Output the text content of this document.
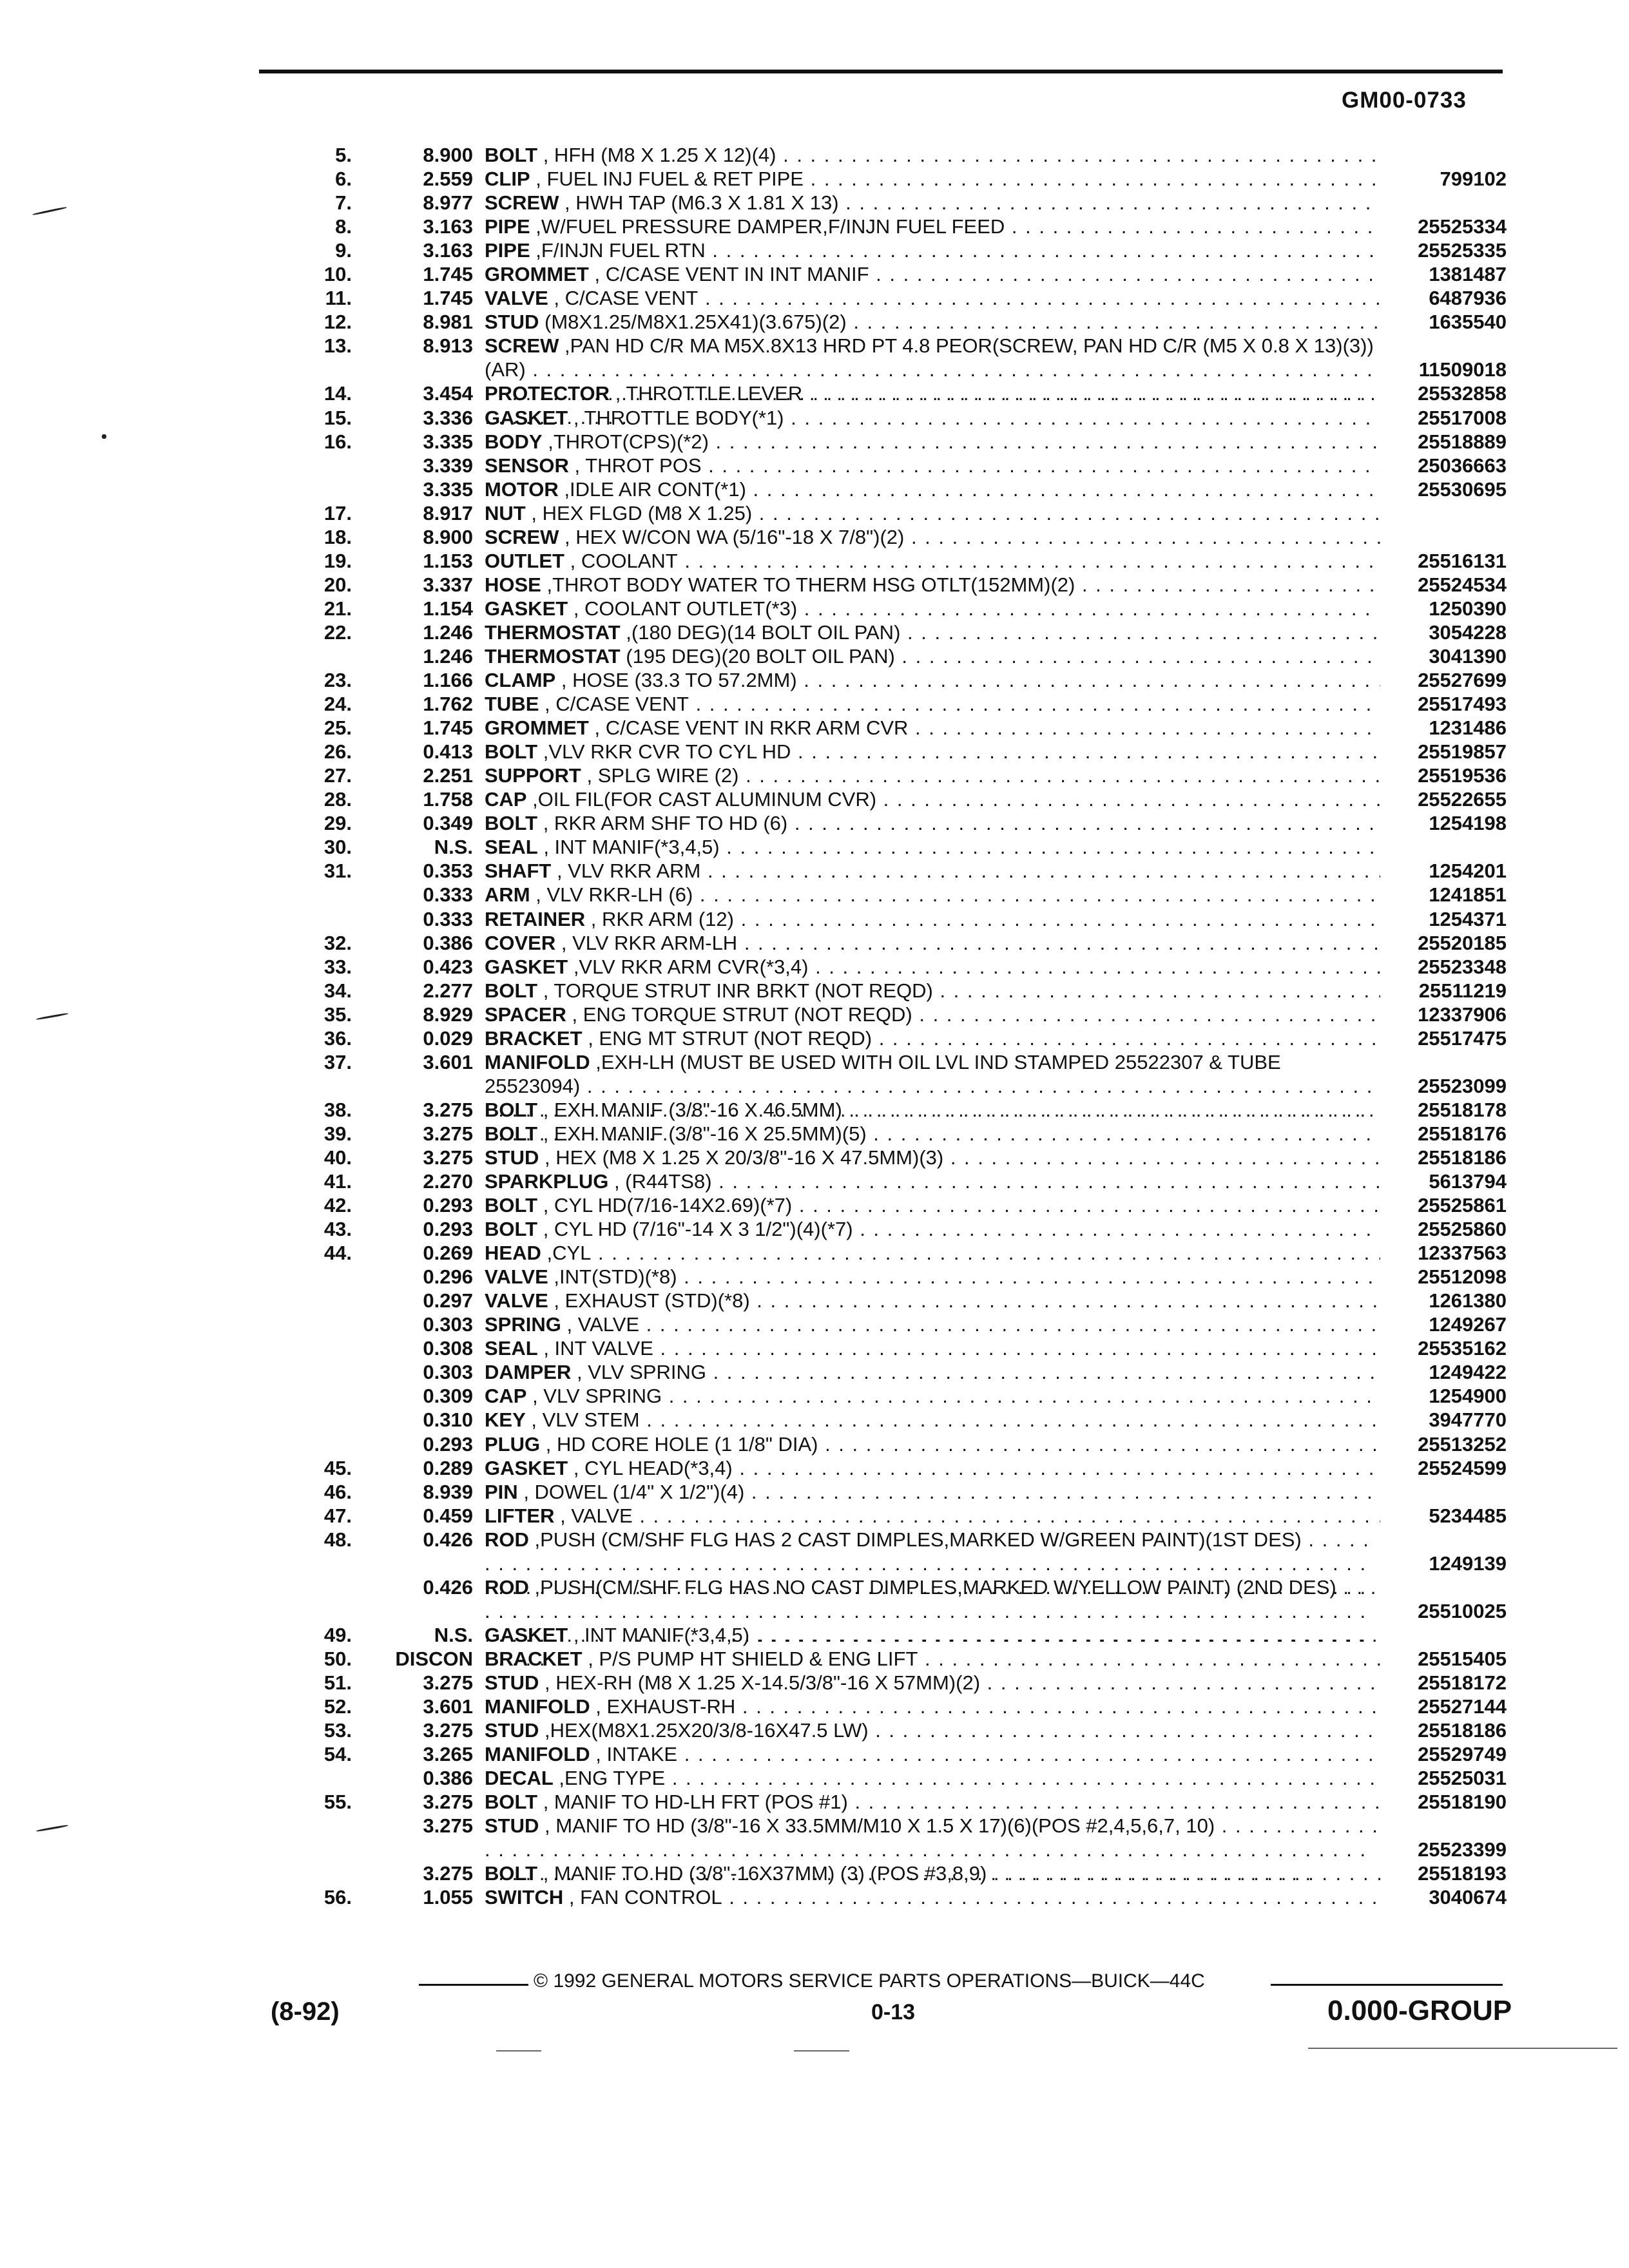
GM00-0733
5.	8.900 BOLT , HFH (M8 X 1.25 X 12)(4) . . .
6.	2.559 CLIP , FUEL INJ FUEL & RET PIPE . . .	799102
7.	8.977 SCREW , HWH TAP (M6.3 X 1.81 X 13) . . .
8.	3.163 PIPE ,W/FUEL PRESSURE DAMPER,F/INJN FUEL FEED . . .	25525334
9.	3.163 PIPE ,F/INJN FUEL RTN . . .	25525335
10.	1.745 GROMMET , C/CASE VENT IN INT MANIF . . .	1381487
11.	1.745 VALVE , C/CASE VENT . . .	6487936
12.	8.981 STUD (M8X1.25/M8X1.25X41)(3.675)(2) . . .	1635540
13.	8.913 SCREW ,PAN HD C/R MA M5X.8X13 HRD PT 4.8 PEOR(SCREW, PAN HD C/R (M5 X 0.8 X 13)(3))(AR) . . .	11509018
14.	3.454 PROTECTOR , THROTTLE LEVER . . .	25532858
15.	3.336 GASKET , THROTTLE BODY(*1) . . .	25517008
16.	3.335 BODY ,THROT(CPS)(*2) . . .	25518889
3.339 SENSOR , THROT POS . . .	25036663
3.335 MOTOR ,IDLE AIR CONT(*1) . . .	25530695
17.	8.917 NUT , HEX FLGD (M8 X 1.25) . . .
18.	8.900 SCREW , HEX W/CON WA (5/16"-18 X 7/8")(2) . . .
19.	1.153 OUTLET , COOLANT . . .	25516131
20.	3.337 HOSE ,THROT BODY WATER TO THERM HSG OTLT(152MM)(2) . . .	25524534
21.	1.154 GASKET , COOLANT OUTLET(*3) . . .	1250390
22.	1.246 THERMOSTAT ,(180 DEG)(14 BOLT OIL PAN) . . .	3054228
1.246 THERMOSTAT (195 DEG)(20 BOLT OIL PAN) . . .	3041390
23.	1.166 CLAMP , HOSE (33.3 TO 57.2MM) . . .	25527699
24.	1.762 TUBE , C/CASE VENT . . .	25517493
25.	1.745 GROMMET , C/CASE VENT IN RKR ARM CVR . . .	1231486
26.	0.413 BOLT ,VLV RKR CVR TO CYL HD . . .	25519857
27.	2.251 SUPPORT , SPLG WIRE (2) . . .	25519536
28.	1.758 CAP ,OIL FIL(FOR CAST ALUMINUM CVR) . . .	25522655
29.	0.349 BOLT , RKR ARM SHF TO HD (6) . . .	1254198
30.	N.S. SEAL , INT MANIF(*3,4,5) . . .
31.	0.353 SHAFT , VLV RKR ARM . . .	1254201
0.333 ARM , VLV RKR-LH (6) . . .	1241851
0.333 RETAINER , RKR ARM (12) . . .	1254371
32.	0.386 COVER , VLV RKR ARM-LH . . .	25520185
33.	0.423 GASKET ,VLV RKR ARM CVR(*3,4) . . .	25523348
34.	2.277 BOLT , TORQUE STRUT INR BRKT (NOT REQD) . . .	25511219
35.	8.929 SPACER , ENG TORQUE STRUT (NOT REQD) . . .	12337906
36.	0.029 BRACKET , ENG MT STRUT (NOT REQD) . . .	25517475
37.	3.601 MANIFOLD ,EXH-LH (MUST BE USED WITH OIL LVL IND STAMPED 25522307 & TUBE 25523094) . . .	25523099
38.	3.275 BOLT , EXH MANIF (3/8"-16 X 46.5MM) . . .	25518178
39.	3.275 BOLT , EXH MANIF (3/8"-16 X 25.5MM)(5) . . .	25518176
40.	3.275 STUD , HEX (M8 X 1.25 X 20/3/8"-16 X 47.5MM)(3) . . .	25518186
41.	2.270 SPARKPLUG , (R44TS8) . . .	5613794
42.	0.293 BOLT , CYL HD(7/16-14X2.69)(*7) . . .	25525861
43.	0.293 BOLT , CYL HD (7/16"-14 X 3 1/2")(4)(*7) . . .	25525860
44.	0.269 HEAD ,CYL . . .	12337563
0.296 VALVE ,INT(STD)(*8) . . .	25512098
0.297 VALVE , EXHAUST (STD)(*8) . . .	1261380
0.303 SPRING , VALVE . . .	1249267
0.308 SEAL , INT VALVE . . .	25535162
0.303 DAMPER , VLV SPRING . . .	1249422
0.309 CAP , VLV SPRING . . .	1254900
0.310 KEY , VLV STEM . . .	3947770
0.293 PLUG , HD CORE HOLE (1 1/8" DIA) . . .	25513252
45.	0.289 GASKET , CYL HEAD(*3,4) . . .	25524599
46.	8.939 PIN , DOWEL (1/4" X 1/2")(4) . . .
47.	0.459 LIFTER , VALVE . . .	5234485
48.	0.426 ROD ,PUSH (CM/SHF FLG HAS 2 CAST DIMPLES,MARKED W/GREEN PAINT)(1ST DES) . . .
1249139
0.426 ROD ,PUSH(CM/SHF FLG HAS NO CAST DIMPLES,MARKED W/YELLOW PAINT) (2ND DES) . . .
25510025
49.	N.S. GASKET , INT MANIF(*3,4,5) . . .
50.	DISCON BRACKET , P/S PUMP HT SHIELD & ENG LIFT . . .	25515405
51.	3.275 STUD , HEX-RH (M8 X 1.25 X-14.5/3/8"-16 X 57MM)(2) . . .	25518172
52.	3.601 MANIFOLD , EXHAUST-RH . . .	25527144
53.	3.275 STUD ,HEX(M8X1.25X20/3/8-16X47.5 LW) . . .	25518186
54.	3.265 MANIFOLD , INTAKE . . .	25529749
0.386 DECAL ,ENG TYPE . . .	25525031
55.	3.275 BOLT , MANIF TO HD-LH FRT (POS #1) . . .	25518190
3.275 STUD , MANIF TO HD (3/8"-16 X 33.5MM/M10 X 1.5 X 17)(6)(POS #2,4,5,6,7, 10) . . .
25523399
3.275 BOLT , MANIF TO HD (3/8"-16X37MM) (3) (POS #3,8,9) . . .	25518193
56.	1.055 SWITCH , FAN CONTROL . . .	3040674
© 1992 GENERAL MOTORS SERVICE PARTS OPERATIONS—BUICK—44C
(8-92)	0-13	0.000-GROUP
